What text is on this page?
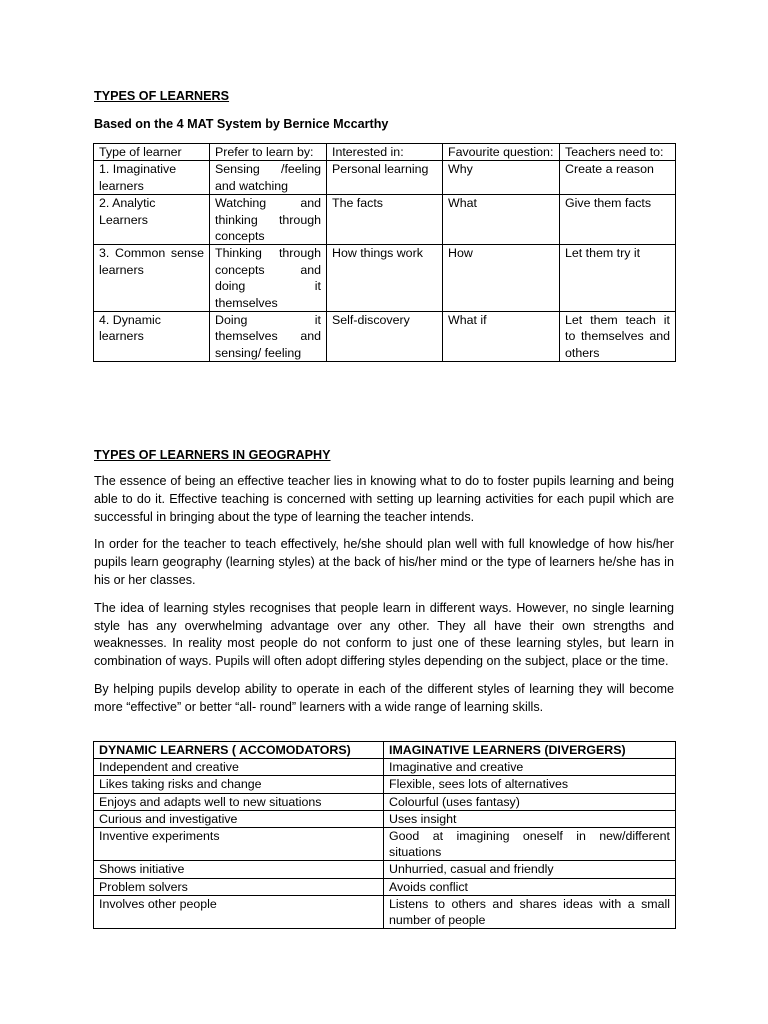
TYPES OF LEARNERS
Based on the 4 MAT System by Bernice Mccarthy
Type of learner	Prefer to learn by:	Interested in:	Favourite question:	Teachers need to:
1. Imaginative learners	Sensing /feeling and watching	Personal learning	Why	Create a reason
2. Analytic Learners	Watching and thinking through concepts	The facts	What	Give them facts
3. Common sense learners	Thinking through concepts and doing it themselves	How things work	How	Let them try it
4. Dynamic learners	Doing it themselves and sensing/ feeling	Self-discovery	What if	Let them teach it to themselves and others
TYPES OF LEARNERS IN GEOGRAPHY

The essence of being an effective teacher lies in knowing what to do to foster pupils learning and being able to do it. Effective teaching is concerned with setting up learning activities for each pupil which are successful in bringing about the type of learning the teacher intends.

In order for the teacher to teach effectively, he/she should plan well with full knowledge of how his/her pupils learn geography (learning styles) at the back of his/her mind or the type of learners he/she has in his or her classes.

The idea of learning styles recognises that people learn in different ways. However, no single learning style has any overwhelming advantage over any other. They all have their own strengths and weaknesses. In reality most people do not conform to just one of these learning styles, but learn in combination of ways. Pupils will often adopt differing styles depending on the subject, place or the time.

By helping pupils develop ability to operate in each of the different styles of learning they will become more “effective” or better “all- round” learners with a wide range of learning skills.

DYNAMIC LEARNERS ( ACCOMODATORS)	IMAGINATIVE LEARNERS (DIVERGERS)
Independent and creative	Imaginative and creative
Likes taking risks and change	Flexible, sees lots of alternatives
Enjoys and adapts well to new situations	Colourful (uses fantasy)
Curious and investigative	Uses insight
Inventive experiments	Good at imagining oneself in new/different situations
Shows initiative	Unhurried, casual and friendly
Problem solvers	Avoids conflict
Involves other people	Listens to others and shares ideas with a small number of people
